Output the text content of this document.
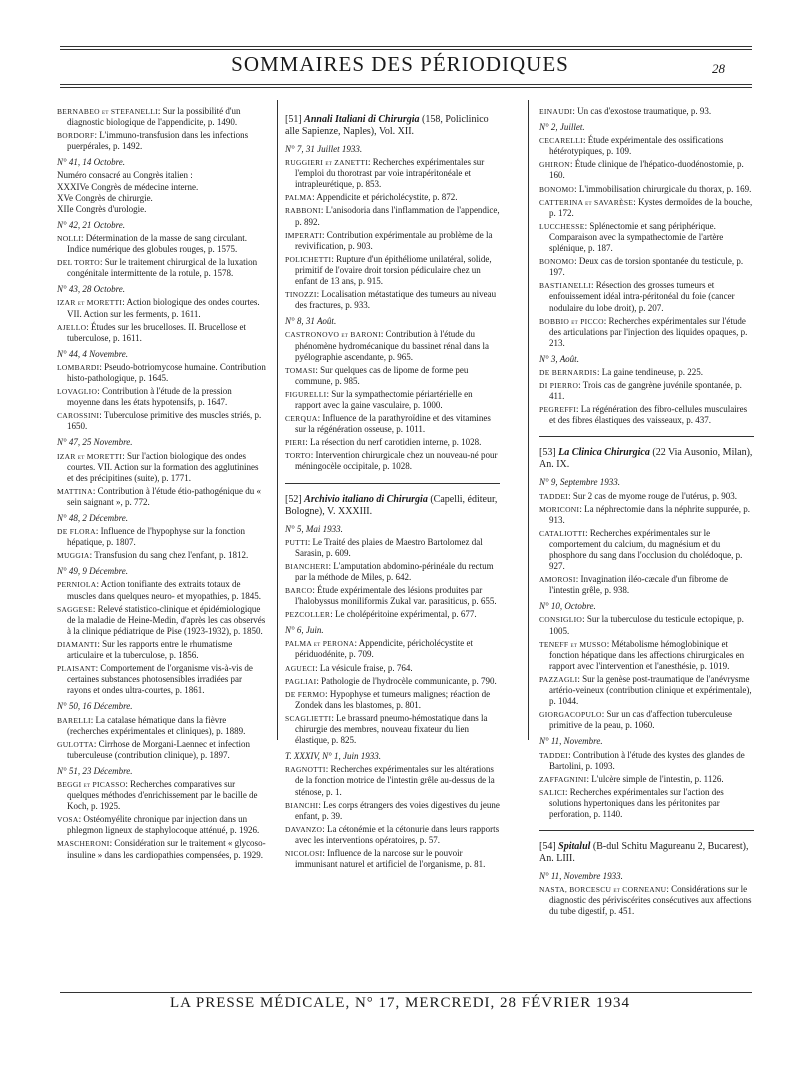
SOMMAIRES DES PÉRIODIQUES	28
BERNABEO et STEFANELLI: Sur la possibilité d'un diagnostic biologique de l'appendicite, p. 1490.
BORDORF: L'immuno-transfusion dans les infections puerpérales, p. 1492.
N° 41, 14 Octobre.
Numéro consacré au Congrès italien :
XXXIVe Congrès de médecine interne.
XVe Congrès de chirurgie.
XIIe Congrès d'urologie.
N° 42, 21 Octobre.
NOLLI: Détermination de la masse de sang circulant. Indice numérique des globules rouges, p. 1575.
DEL TORTO: Sur le traitement chirurgical de la luxation congénitale intermittente de la rotule, p. 1578.
N° 43, 28 Octobre.
IZAR et MORETTI: Action biologique des ondes courtes. VII. Action sur les ferments, p. 1611.
AJELLO: Études sur les brucelloses. II. Brucellose et tuberculose, p. 1611.
N° 44, 4 Novembre.
LOMBARDI: Pseudo-botriomycose humaine. Contribution histo-pathologique, p. 1645.
LOVAGLIO: Contribution à l'étude de la pression moyenne dans les états hypotensifs, p. 1647.
CAROSSINI: Tuberculose primitive des muscles striés, p. 1650.
N° 47, 25 Novembre.
IZAR et MORETTI: Sur l'action biologique des ondes courtes. VII. Action sur la formation des agglutinines et des précipitines (suite), p. 1771.
MATTINA: Contribution à l'étude étio-pathogénique du « sein saignant », p. 772.
N° 48, 2 Décembre.
DE FLORA: Influence de l'hypophyse sur la fonction hépatique, p. 1807.
MUGGIA: Transfusion du sang chez l'enfant, p. 1812.
N° 49, 9 Décembre.
PERNIOLA: Action tonifiante des extraits totaux de muscles dans quelques neuro- et myopathies, p. 1845.
SAGGESE: Relevé statistico-clinique et épidémiologique de la maladie de Heine-Medin, d'après les cas observés à la clinique pédiatrique de Pise (1923-1932), p. 1850.
DIAMANTI: Sur les rapports entre le rhumatisme articulaire et la tuberculose, p. 1856.
PLAISANT: Comportement de l'organisme vis-à-vis de certaines substances photosensibles irradiées par rayons et ondes ultra-courtes, p. 1861.
N° 50, 16 Décembre.
BARELLI: La catalase hématique dans la fièvre (recherches expérimentales et cliniques), p. 1889.
GULOTTA: Cirrhose de Morgani-Laennec et infection tuberculeuse (contribution clinique), p. 1897.
N° 51, 23 Décembre.
BEGGI et PICASSO: Recherches comparatives sur quelques méthodes d'enrichissement par le bacille de Koch, p. 1925.
VOSA: Ostéomyélite chronique par injection dans un phlegmon ligneux de staphylocoque atténué, p. 1926.
MASCHERONI: Considération sur le traitement « glycoso-insuline » dans les cardiopathies compensées, p. 1929.
[51] Annali Italiani di Chirurgia (158, Policlinico alle Sapienze, Naples), Vol. XII.
N° 7, 31 Juillet 1933.
RUGGIERI et ZANETTI: Recherches expérimentales sur l'emploi du thorotrast par voie intrapéritonéale et intrapleurétique, p. 853.
PALMA: Appendicite et péricholécystite, p. 872.
RABBONI: L'anisodoria dans l'inflammation de l'appendice, p. 892.
IMPERATI: Contribution expérimentale au problème de la revivification, p. 903.
POLICHETTI: Rupture d'un épithéliome unilatéral, solide, primitif de l'ovaire droit torsion pédiculaire chez un enfant de 13 ans, p. 915.
TINOZZI: Localisation métastatique des tumeurs au niveau des fractures, p. 933.
N° 8, 31 Août.
CASTRONOVO et BARONI: Contribution à l'étude du phénomène hydromécanique du bassinet rénal dans la pyélographie ascendante, p. 965.
TOMASI: Sur quelques cas de lipome de forme peu commune, p. 985.
FIGURELLI: Sur la sympathectomie périartérielle en rapport avec la gaine vasculaire, p. 1000.
CERQUA: Influence de la parathyroïdine et des vitamines sur la régénération osseuse, p. 1011.
PIERI: La résection du nerf carotidien interne, p. 1028.
TORTO: Intervention chirurgicale chez un nouveau-né pour méningocèle occipitale, p. 1028.
[52] Archivio italiano di Chirurgia (Capelli, éditeur, Bologne), V. XXXIII.
N° 5, Mai 1933.
PUTTI: Le Traité des plaies de Maestro Bartolomez dal Sarasin, p. 609.
BIANCHERI: L'amputation abdomino-périnéale du rectum par la méthode de Miles, p. 642.
BARCO: Étude expérimentale des lésions produites par l'halobyssus moniliformis Zukal var. parasiticus, p. 655.
PEZCOLLER: Le cholépéritoine expérimental, p. 677.
N° 6, Juin.
PALMA et PERONA: Appendicite, péricholécystite et périduodénite, p. 709.
AGUECI: La vésicule fraise, p. 764.
PAGLIAI: Pathologie de l'hydrocèle communicante, p. 790.
DE FERMO: Hypophyse et tumeurs malignes; réaction de Zondek dans les blastomes, p. 801.
SCAGLIETTI: Le brassard pneumo-hémostatique dans la chirurgie des membres, nouveau fixateur du lien élastique, p. 825.
T. XXXIV, N° 1, Juin 1933.
RAGNOTTI: Recherches expérimentales sur les altérations de la fonction motrice de l'intestin grêle au-dessus de la sténose, p. 1.
BIANCHI: Les corps étrangers des voies digestives du jeune enfant, p. 39.
DAVANZO: La cétonémie et la cétonurie dans leurs rapports avec les interventions opératoires, p. 57.
NICOLOSI: Influence de la narcose sur le pouvoir immunisant naturel et artificiel de l'organisme, p. 81.
EINAUDI: Un cas d'exostose traumatique, p. 93.
N° 2, Juillet.
CECARELLI: Étude expérimentale des ossifications hétérotypiques, p. 109.
GHIRON: Étude clinique de l'hépatico-duodénostomie, p. 160.
BONOMO: L'immobilisation chirurgicale du thorax, p. 169.
CATTERINA et SAVARÈSE: Kystes dermoïdes de la bouche, p. 172.
LUCCHESSE: Splénectomie et sang périphérique. Comparaison avec la sympathectomie de l'artère splénique, p. 187.
BONOMO: Deux cas de torsion spontanée du testicule, p. 197.
BASTIANELLI: Résection des grosses tumeurs et enfouissement idéal intra-péritonéal du foie (cancer nodulaire du lobe droit), p. 207.
BOBBIO et PICCO: Recherches expérimentales sur l'étude des articulations par l'injection des liquides opaques, p. 213.
N° 3, Août.
DE BERNARDIS: La gaine tendineuse, p. 225.
DI PIERRO: Trois cas de gangrène juvénile spontanée, p. 411.
PEGREFFI: La régénération des fibro-cellules musculaires et des fibres élastiques des vaisseaux, p. 437.
[53] La Clinica Chirurgica (22 Via Ausonio, Milan), An. IX.
N° 9, Septembre 1933.
TADDEI: Sur 2 cas de myome rouge de l'utérus, p. 903.
MORICONI: La néphrectomie dans la néphrite suppurée, p. 913.
CATALIOTTI: Recherches expérimentales sur le comportement du calcium, du magnésium et du phosphore du sang dans l'occlusion du cholédoque, p. 927.
AMOROSI: Invagination iléo-cæcale d'un fibrome de l'intestin grêle, p. 938.
N° 10, Octobre.
CONSIGLIO: Sur la tuberculose du testicule ectopique, p. 1005.
TENEFF et MUSSO: Métabolisme hémoglobinique et fonction hépatique dans les affections chirurgicales en rapport avec l'intervention et l'anesthésie, p. 1019.
PAZZAGLI: Sur la genèse post-traumatique de l'anévrysme artério-veineux (contribution clinique et expérimentale), p. 1044.
GIORGACOPULO: Sur un cas d'affection tuberculeuse primitive de la peau, p. 1060.
N° 11, Novembre.
TADDEI: Contribution à l'étude des kystes des glandes de Bartolini, p. 1093.
ZAFFAGNINI: L'ulcère simple de l'intestin, p. 1126.
SALICI: Recherches expérimentales sur l'action des solutions hypertoniques dans les péritonites par perforation, p. 1140.
[54] Spitalul (B-dul Schitu Magureanu 2, Bucarest), An. LIII.
N° 11, Novembre 1933.
NASTA, BORCESCU et CORNEANU: Considérations sur le diagnostic des périviscérites consécutives aux affections du tube digestif, p. 451.
LA PRESSE MÉDICALE, N° 17, MERCREDI, 28 FÉVRIER 1934
